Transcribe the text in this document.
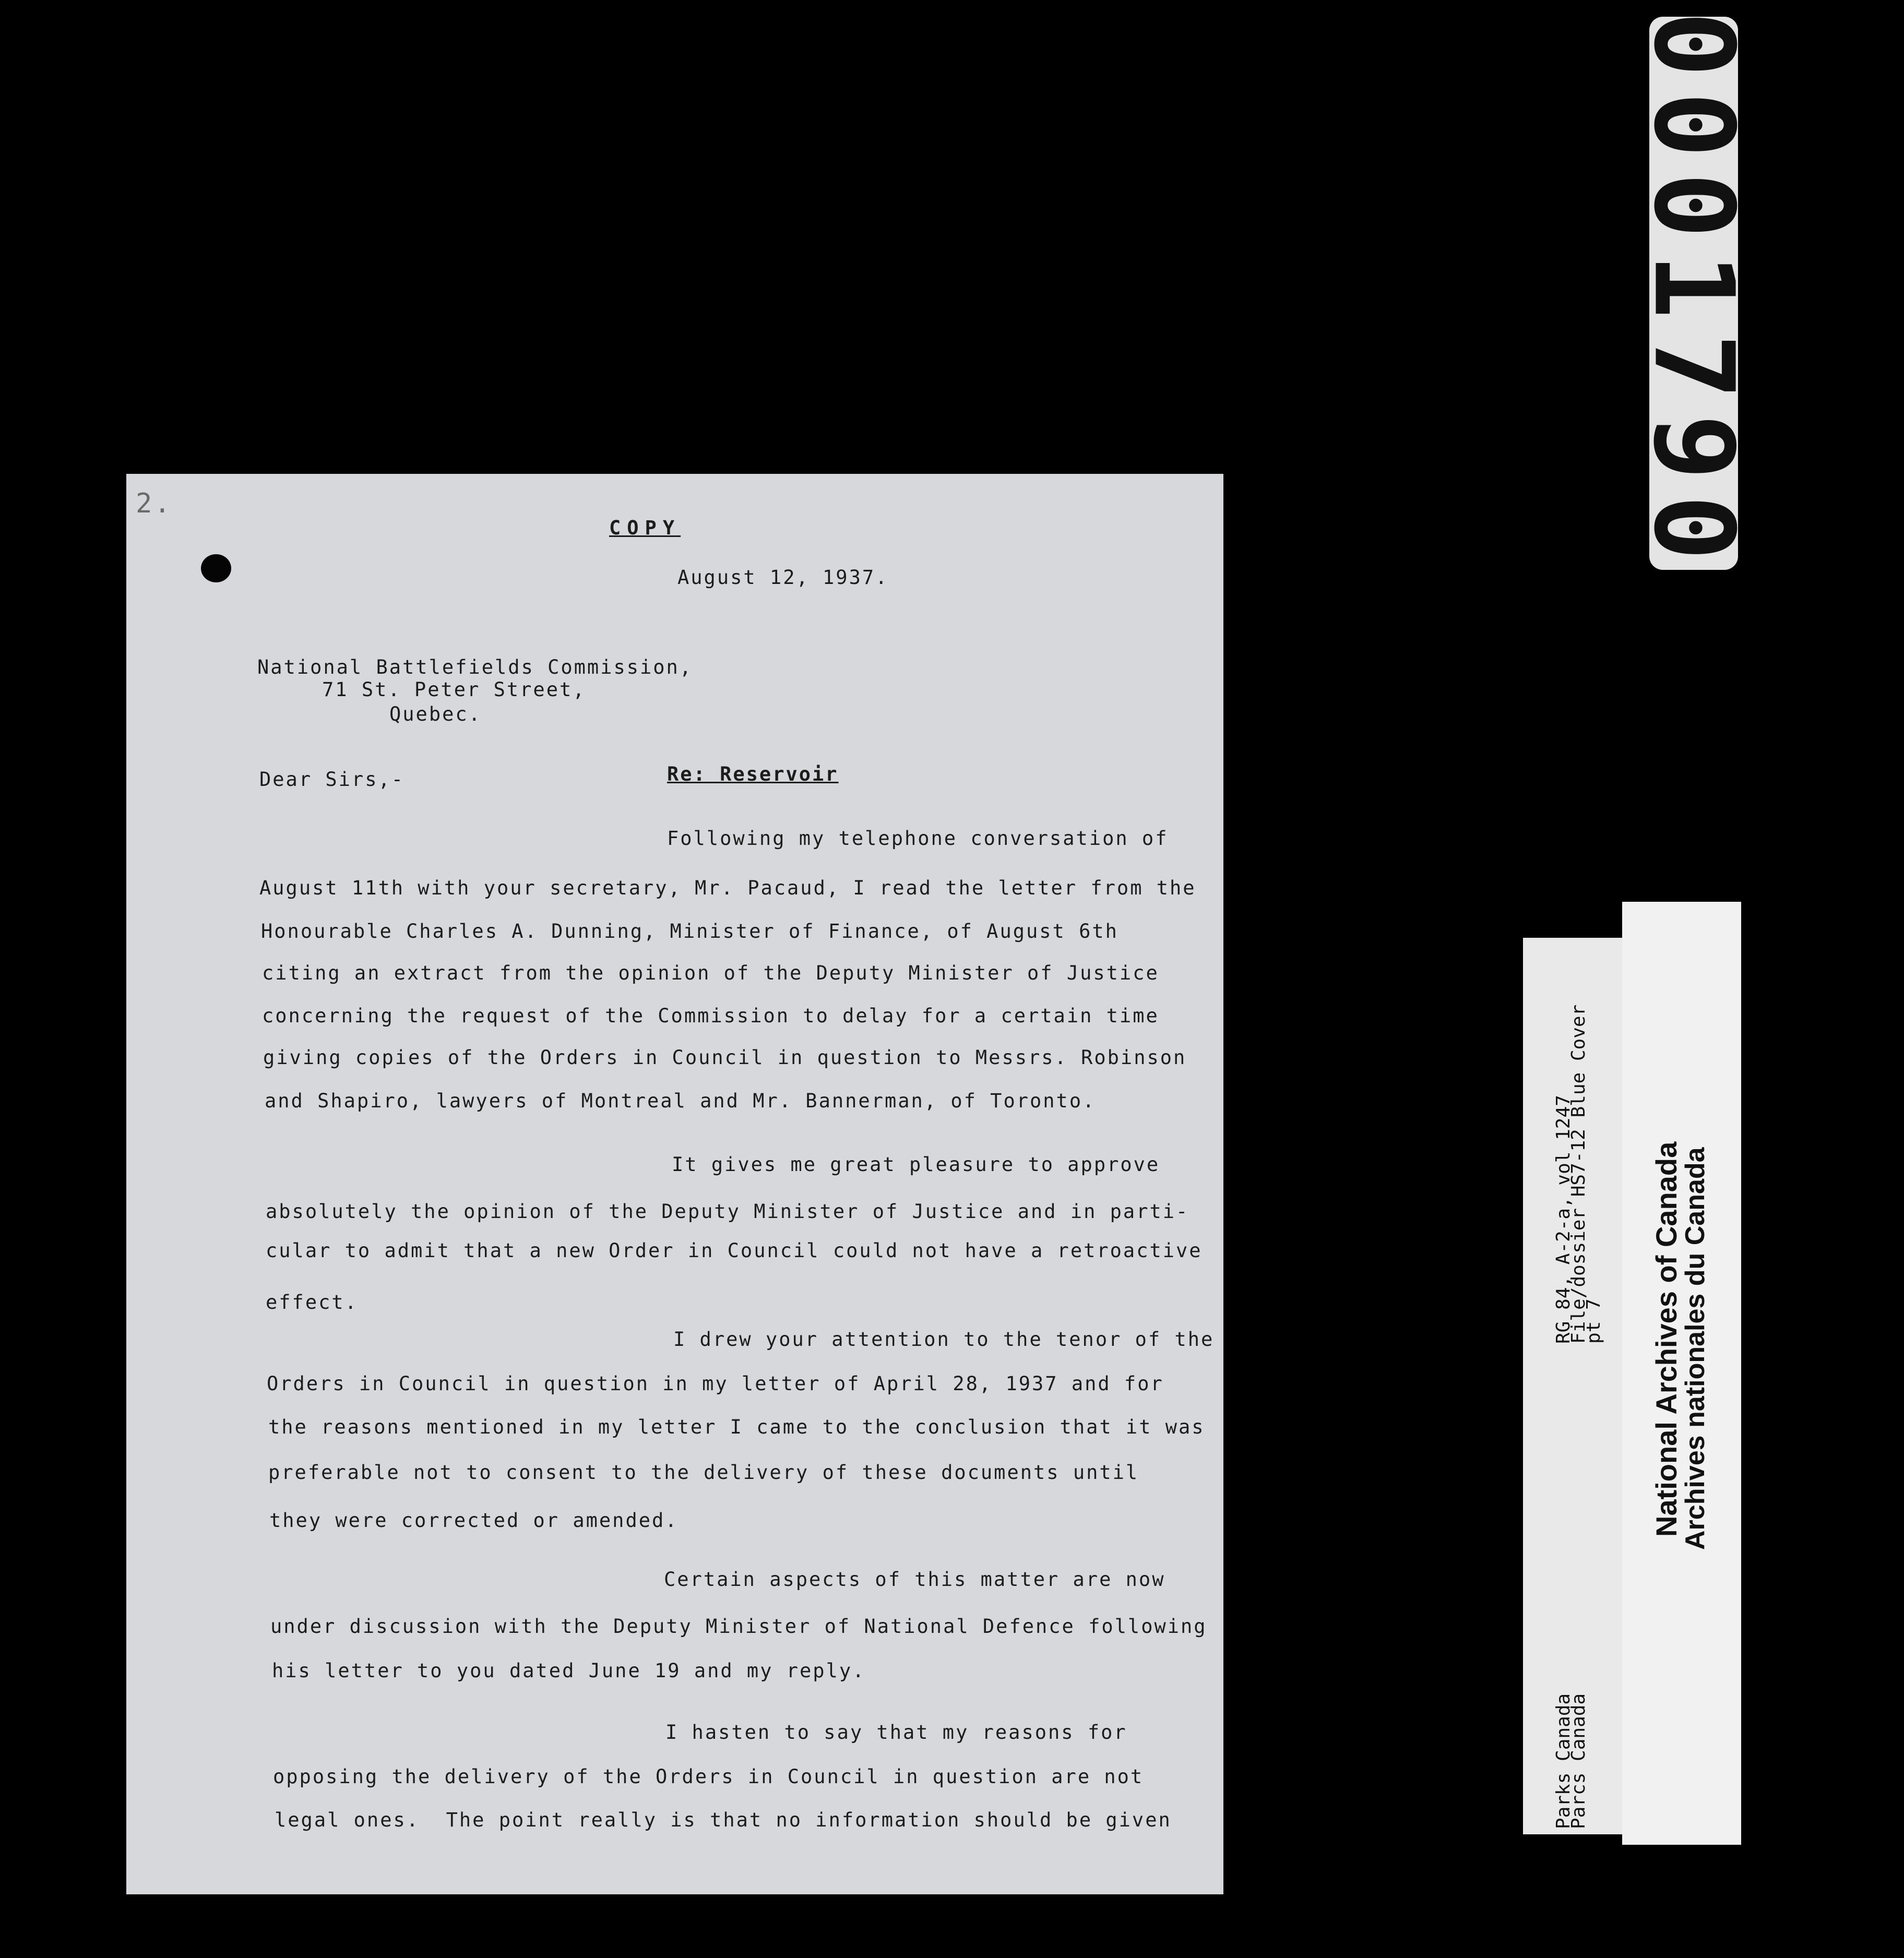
0001790
RG 84, A-2-a, vol 1247
File/dossier HS7-12 Blue Cover
pt 7
Parks Canada
Parcs Canada
National Archives of Canada
Archives nationales du Canada
2.
COPY
August 12, 1937.
National Battlefields Commission,
71 St. Peter Street,
Quebec.
Dear Sirs,-	Re: Reservoir
Following my telephone conversation of
August 11th with your secretary, Mr. Pacaud, I read the letter from the
Honourable Charles A. Dunning, Minister of Finance, of August 6th
citing an extract from the opinion of the Deputy Minister of Justice
concerning the request of the Commission to delay for a certain time
giving copies of the Orders in Council in question to Messrs. Robinson
and Shapiro, lawyers of Montreal and Mr. Bannerman, of Toronto.
It gives me great pleasure to approve
absolutely the opinion of the Deputy Minister of Justice and in parti-
cular to admit that a new Order in Council could not have a retroactive
effect.
I drew your attention to the tenor of the
Orders in Council in question in my letter of April 28, 1937 and for
the reasons mentioned in my letter I came to the conclusion that it was
preferable not to consent to the delivery of these documents until
they were corrected or amended.
Certain aspects of this matter are now
under discussion with the Deputy Minister of National Defence following
his letter to you dated June 19 and my reply.
I hasten to say that my reasons for
opposing the delivery of the Orders in Council in question are not
legal ones.  The point really is that no information should be given
